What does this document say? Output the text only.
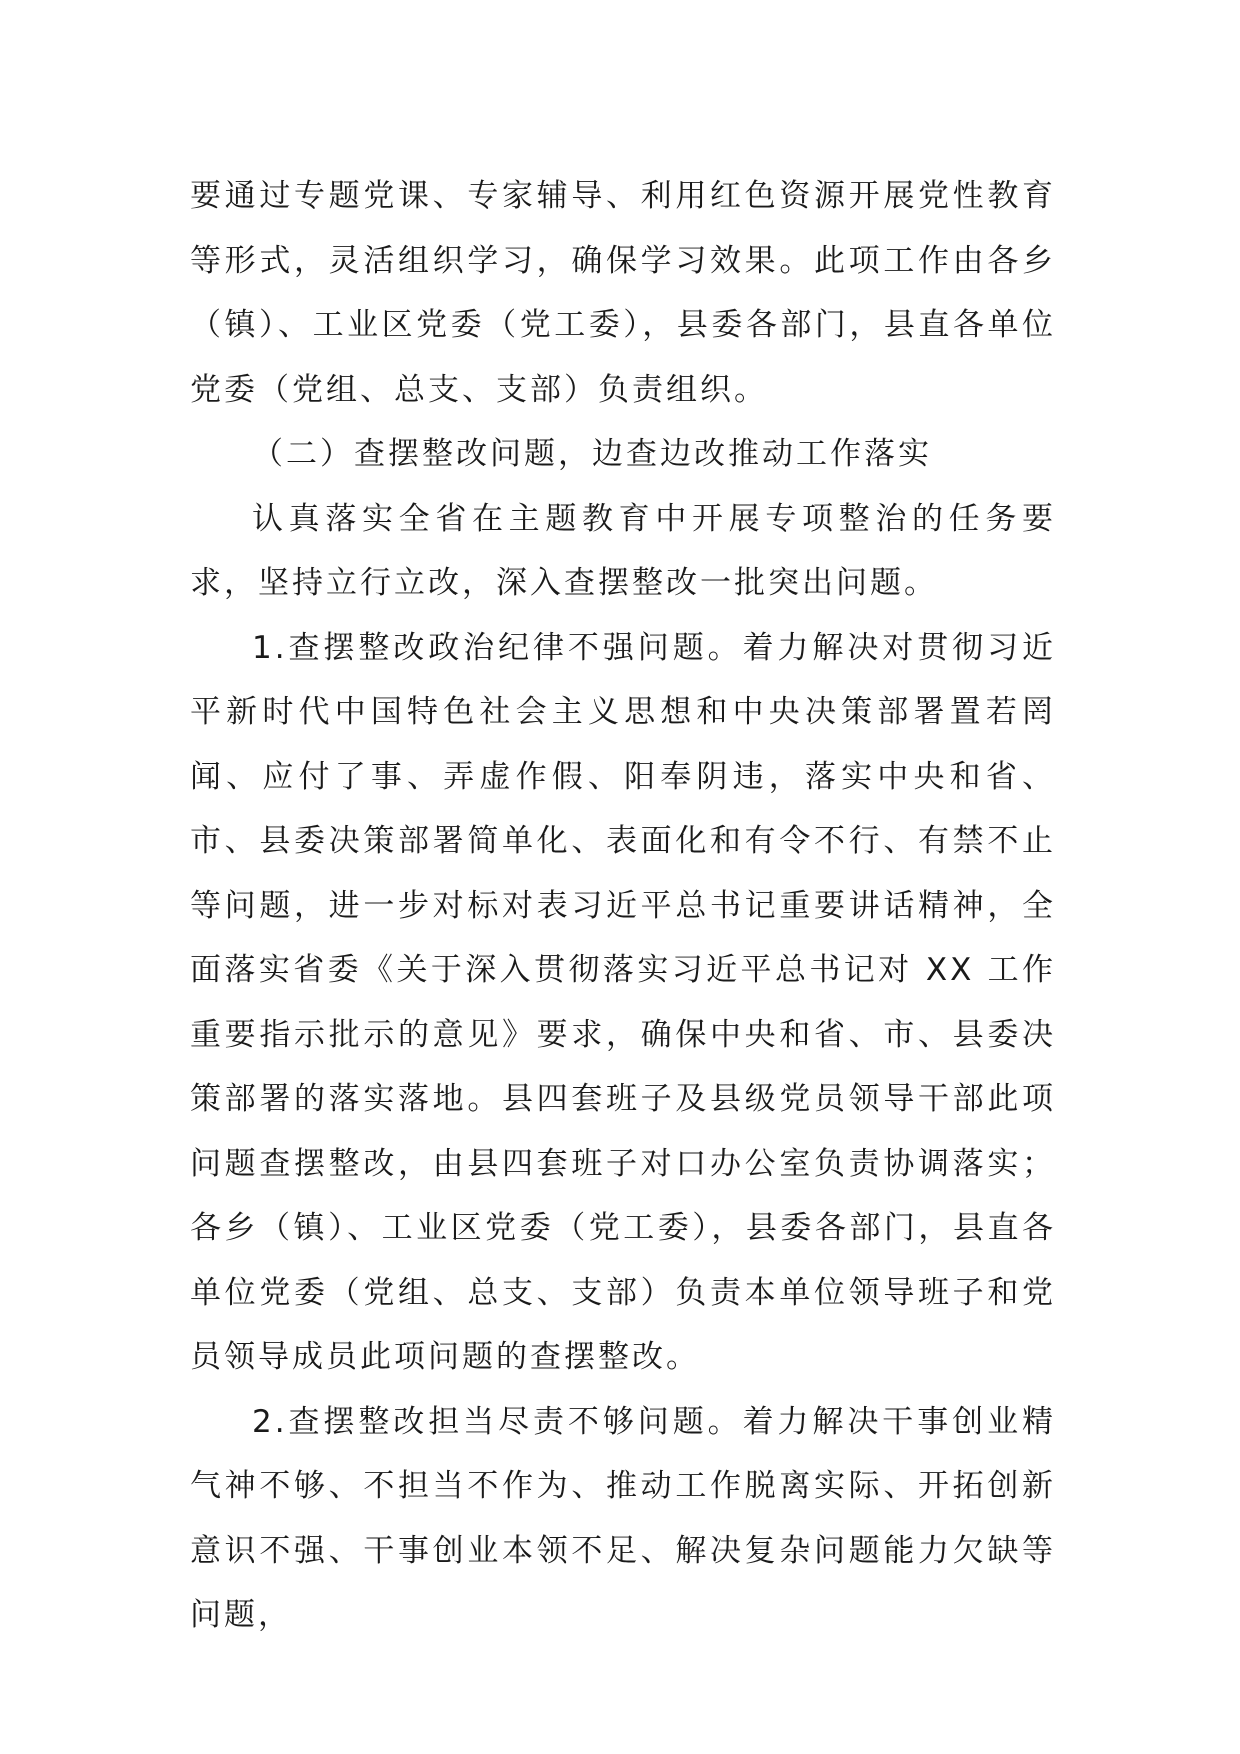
要通过专题党课、专家辅导、利用红色资源开展党性教育等形式，灵活组织学习，确保学习效果。此项工作由各乡（镇）、工业区党委（党工委），县委各部门，县直各单位党委（党组、总支、支部）负责组织。

（二）查摆整改问题，边查边改推动工作落实

认真落实全省在主题教育中开展专项整治的任务要求，坚持立行立改，深入查摆整改一批突出问题。

1.查摆整改政治纪律不强问题。着力解决对贯彻习近平新时代中国特色社会主义思想和中央决策部署置若罔闻、应付了事、弄虚作假、阳奉阴违，落实中央和省、市、县委决策部署简单化、表面化和有令不行、有禁不止等问题，进一步对标对表习近平总书记重要讲话精神，全面落实省委《关于深入贯彻落实习近平总书记对 XX 工作重要指示批示的意见》要求，确保中央和省、市、县委决策部署的落实落地。县四套班子及县级党员领导干部此项问题查摆整改，由县四套班子对口办公室负责协调落实；各乡（镇）、工业区党委（党工委），县委各部门，县直各单位党委（党组、总支、支部）负责本单位领导班子和党员领导成员此项问题的查摆整改。

2.查摆整改担当尽责不够问题。着力解决干事创业精气神不够、不担当不作为、推动工作脱离实际、开拓创新意识不强、干事创业本领不足、解决复杂问题能力欠缺等问题，
